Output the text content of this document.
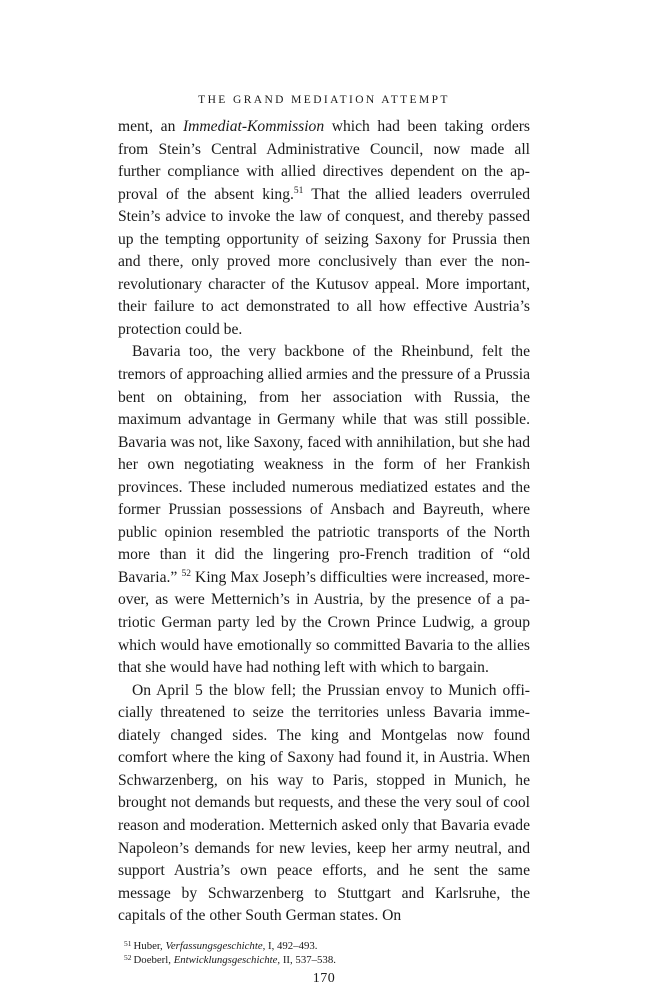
THE GRAND MEDIATION ATTEMPT

ment, an Immediat-Kommission which had been taking orders from Stein’s Central Administrative Council, now made all further compliance with allied directives dependent on the approval of the absent king.$^{51}$ That the allied leaders overruled Stein’s advice to invoke the law of conquest, and thereby passed up the tempting opportunity of seizing Saxony for Prussia then and there, only proved more conclusively than ever the nonrevolutionary character of the Kutusov appeal. More important, their failure to act demonstrated to all how effective Austria’s protection could be.

Bavaria too, the very backbone of the Rheinbund, felt the tremors of approaching allied armies and the pressure of a Prussia bent on obtaining, from her association with Russia, the maximum advantage in Germany while that was still possible. Bavaria was not, like Saxony, faced with annihilation, but she had her own negotiating weakness in the form of her Frankish provinces. These included numerous mediatized estates and the former Prussian possessions of Ansbach and Bayreuth, where public opinion resembled the patriotic transports of the North more than it did the lingering pro-French tradition of “old Bavaria.” $^{52}$ King Max Joseph’s difficulties were increased, moreover, as were Metternich’s in Austria, by the presence of a patriotic German party led by the Crown Prince Ludwig, a group which would have emotionally so committed Bavaria to the allies that she would have had nothing left with which to bargain.

On April 5 the blow fell; the Prussian envoy to Munich officially threatened to seize the territories unless Bavaria immediately changed sides. The king and Montgelas now found comfort where the king of Saxony had found it, in Austria. When Schwarzenberg, on his way to Paris, stopped in Munich, he brought not demands but requests, and these the very soul of cool reason and moderation. Metternich asked only that Bavaria evade Napoleon’s demands for new levies, keep her army neutral, and support Austria’s own peace efforts, and he sent the same message by Schwarzenberg to Stuttgart and Karlsruhe, the capitals of the other South German states. On

$^{51}$ Huber, Verfassungsgeschichte, I, 492–493.

$^{52}$ Doeberl, Entwicklungsgeschichte, II, 537–538.

170
